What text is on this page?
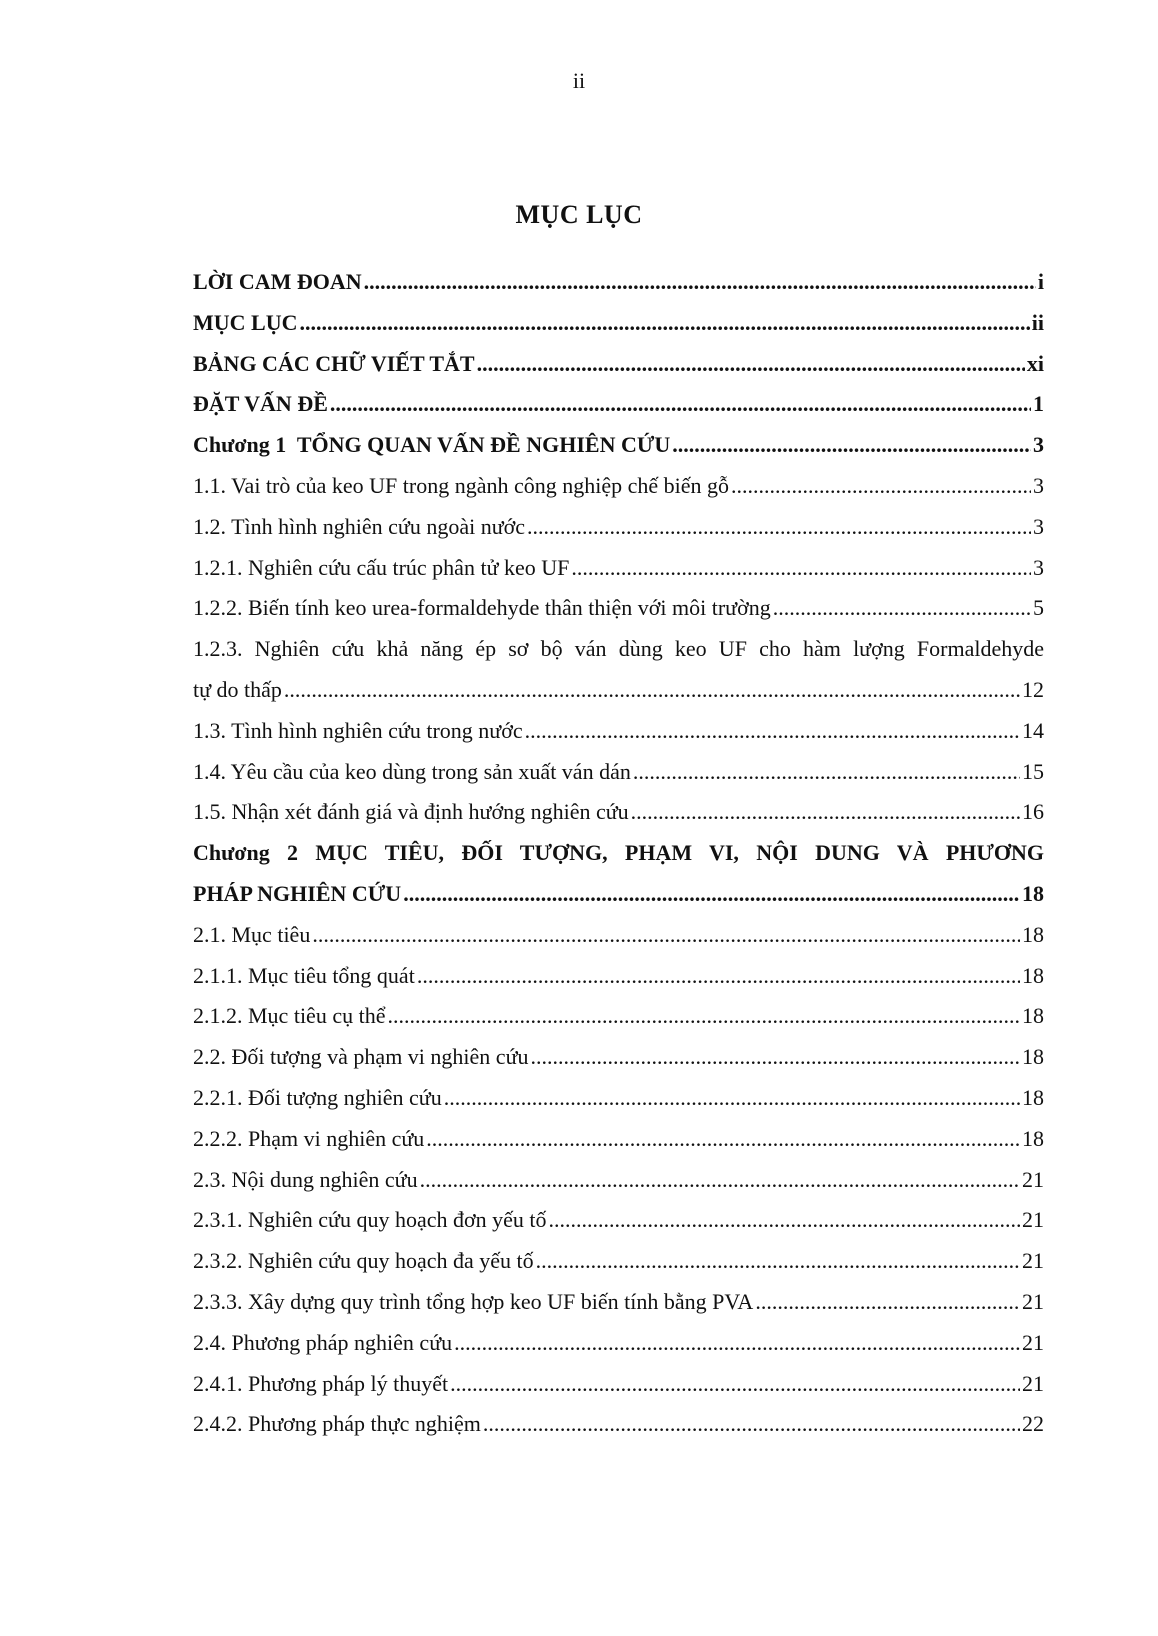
ii
MỤC LỤC
LỜI CAM ĐOAN .....	i
MỤC LỤC .....	ii
BẢNG CÁC CHỮ VIẾT TẮT .....	xi
ĐẶT VẤN ĐỀ .....	1
Chương 1  TỔNG QUAN VẤN ĐỀ NGHIÊN CỨU .....	3
1.1. Vai trò của keo UF trong ngành công nghiệp chế biến gỗ .....	3
1.2. Tình hình nghiên cứu ngoài nước .....	3
1.2.1. Nghiên cứu cấu trúc phân tử keo UF .....	3
1.2.2. Biến tính keo urea-formaldehyde thân thiện với môi trường .....	5
1.2.3. Nghiên cứu khả năng ép sơ bộ ván dùng keo UF cho hàm lượng Formaldehyde
tự do thấp .....	12
1.3. Tình hình nghiên cứu trong nước .....	14
1.4. Yêu cầu của keo dùng trong sản xuất ván dán .....	15
1.5. Nhận xét đánh giá và định hướng nghiên cứu .....	16
Chương 2 MỤC TIÊU, ĐỐI TƯỢNG, PHẠM VI, NỘI DUNG VÀ PHƯƠNG
PHÁP NGHIÊN CỨU .....	18
2.1. Mục tiêu .....	18
2.1.1. Mục tiêu tổng quát .....	18
2.1.2. Mục tiêu cụ thể .....	18
2.2. Đối tượng và phạm vi nghiên cứu .....	18
2.2.1. Đối tượng nghiên cứu .....	18
2.2.2. Phạm vi nghiên cứu .....	18
2.3. Nội dung nghiên cứu .....	21
2.3.1. Nghiên cứu quy hoạch đơn yếu tố .....	21
2.3.2. Nghiên cứu quy hoạch đa yếu tố .....	21
2.3.3. Xây dựng quy trình tổng hợp keo UF biến tính bằng PVA .....	21
2.4. Phương pháp nghiên cứu .....	21
2.4.1. Phương pháp lý thuyết .....	21
2.4.2. Phương pháp thực nghiệm .....	22
